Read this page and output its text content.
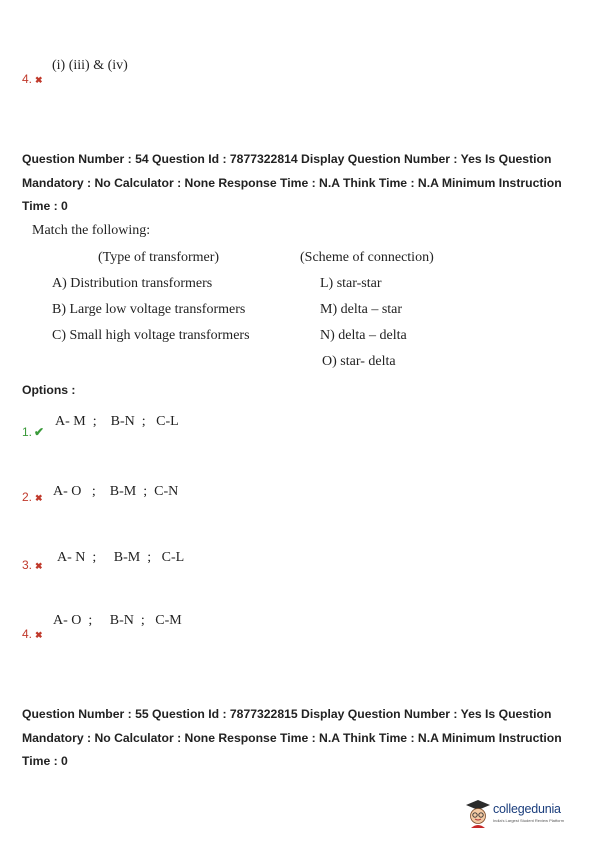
(i) (iii) & (iv)
4. ✖
Question Number : 54 Question Id : 7877322814 Display Question Number : Yes Is Question Mandatory : No Calculator : None Response Time : N.A Think Time : N.A Minimum Instruction Time : 0
Match the following:
(Type of transformer)	(Scheme of connection)
A) Distribution transformers
B) Large low voltage transformers
C) Small high voltage transformers
L) star-star
M) delta – star
N) delta – delta
O) star- delta
Options :
A- M  ;    B-N  ;   C-L
1. ✔
A- O   ;    B-M  ;  C-N
2. ✖
A- N  ;     B-M  ;   C-L
3. ✖
A- O  ;     B-N  ;   C-M
4. ✖
Question Number : 55 Question Id : 7877322815 Display Question Number : Yes Is Question Mandatory : No Calculator : None Response Time : N.A Think Time : N.A Minimum Instruction Time : 0
collegedunia
India's Largest Student Review Platform
